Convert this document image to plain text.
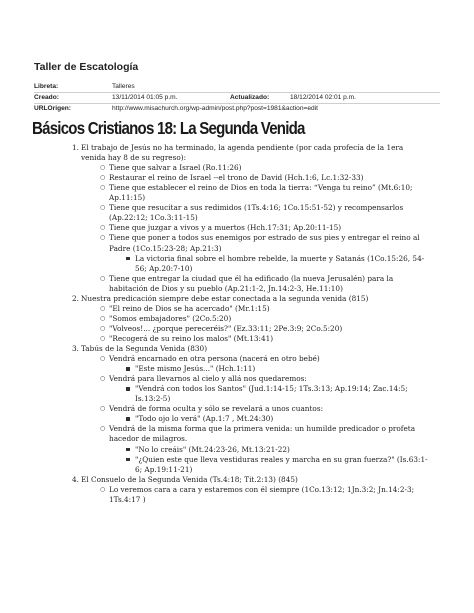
Taller de Escatología
Libreta:	Talleres
Creado:	13/11/2014 01:05 p.m.	Actualizado:	18/12/2014 02:01 p.m.
URLOrigen:	http://www.misachurch.org/wp-admin/post.php?post=1981&action=edit
Básicos Cristianos 18: La Segunda Venida
1. El trabajo de Jesús no ha terminado, la agenda pendiente (por cada profecía de la 1era
venida hay 8 de su regreso):
○ Tiene que salvar a Israel (Ro.11:26)
○ Restaurar el reino de Israel --el trono de David (Hch.1:6, Lc.1:32-33)
○ Tiene que establecer el reino de Dios en toda la tierra: “Venga tu reino” (Mt.6:10;
Ap.11:15)
○ Tiene que resucitar a sus redimidos (1Ts.4:16; 1Co.15:51-52) y recompensarlos
(Ap.22:12; 1Co.3:11-15)
○ Tiene que juzgar a vivos y a muertos (Hch.17:31; Ap.20:11-15)
○ Tiene que poner a todos sus enemigos por estrado de sus pies y entregar el reino al
Padre (1Co.15:23-28; Ap.21:3)
La victoria final sobre el hombre rebelde, la muerte y Satanás (1Co.15:26, 54-
56; Ap.20:7-10)
○ Tiene que entregar la ciudad que él ha edificado (la nueva Jerusalén) para la
habitación de Dios y su pueblo (Ap.21:1-2, Jn.14:2-3, He.11:10)
2. Nuestra predicación siempre debe estar conectada a la segunda venida (815)
○ "El reino de Dios se ha acercado" (Mr.1:15)
○ "Somos embajadores" (2Co.5:20)
○ "Volveos!... ¿porque pereceréis?" (Ez.33:11; 2Pe.3:9; 2Co.5:20)
○ "Recogerá de su reino los malos" (Mt.13:41)
3. Tabús de la Segunda Venida (830)
○ Vendrá encarnado en otra persona (nacerá en otro bebé)
"Este mismo Jesús..." (Hch.1:11)
○ Vendrá para llevarnos al cielo y allá nos quedaremos:
"Vendrá con todos los Santos" (Jud.1:14-15; 1Ts.3:13; Ap.19:14; Zac.14:5;
Is.13:2-5)
○ Vendrá de forma oculta y sólo se revelará a unos cuantos:
"Todo ojo lo verá" (Ap.1:7 , Mt.24:30)
○ Vendrá de la misma forma que la primera venida: un humilde predicador o profeta
hacedor de milagros.
"No lo creáis" (Mt.24:23-26, Mt.13:21-22)
"¿Quien este que lleva vestiduras reales y marcha en su gran fuerza?" (Is.63:1-
6; Ap.19:11-21)
4. El Consuelo de la Segunda Venida (Ts.4:18; Tit.2:13) (845)
○ Lo veremos cara a cara y estaremos con él siempre (1Co.13:12; 1Jn.3:2; Jn.14:2-3;
1Ts.4:17 )
